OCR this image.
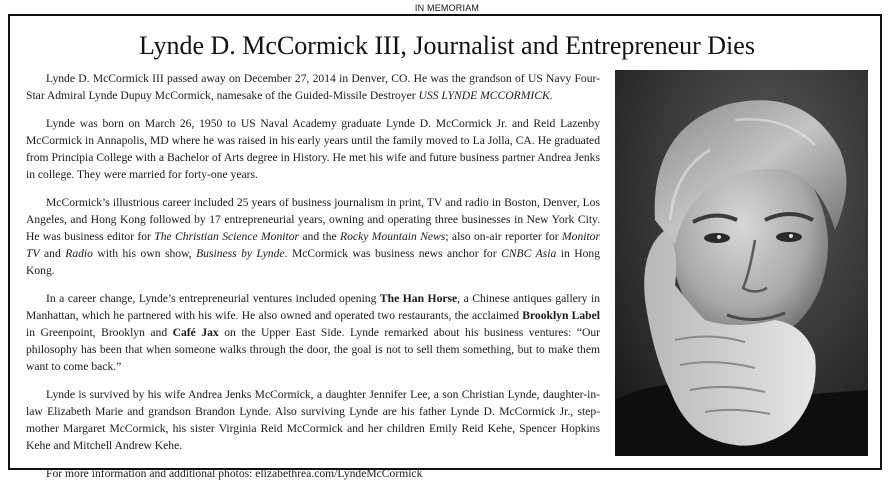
IN MEMORIAM
Lynde D. McCormick III, Journalist and Entrepreneur Dies

Lynde D. McCormick III passed away on December 27, 2014 in Denver, CO. He was the grandson of US Navy Four-Star Admiral Lynde Dupuy McCormick, namesake of the Guided-Missile Destroyer USS LYNDE MCCORMICK.

Lynde was born on March 26, 1950 to US Naval Academy graduate Lynde D. McCormick Jr. and Reid Lazenby McCormick in Annapolis, MD where he was raised in his early years until the family moved to La Jolla, CA. He graduated from Principia College with a Bachelor of Arts degree in History. He met his wife and future business partner Andrea Jenks in college. They were married for forty-one years.

McCormick’s illustrious career included 25 years of business journalism in print, TV and radio in Boston, Denver, Los Angeles, and Hong Kong followed by 17 entrepreneurial years, owning and operating three businesses in New York City. He was business editor for The Christian Science Monitor and the Rocky Mountain News; also on-air reporter for Monitor TV and Radio with his own show, Business by Lynde. McCormick was business news anchor for CNBC Asia in Hong Kong.

In a career change, Lynde’s entrepreneurial ventures included opening The Han Horse, a Chinese antiques gallery in Manhattan, which he partnered with his wife. He also owned and operated two restaurants, the acclaimed Brooklyn Label in Greenpoint, Brooklyn and Café Jax on the Upper East Side. Lynde remarked about his business ventures: “Our philosophy has been that when someone walks through the door, the goal is not to sell them something, but to make them want to come back.”

Lynde is survived by his wife Andrea Jenks McCormick, a daughter Jennifer Lee, a son Christian Lynde, daughter-in-law Elizabeth Marie and grandson Brandon Lynde. Also surviving Lynde are his father Lynde D. McCormick Jr., step-mother Margaret McCormick, his sister Virginia Reid McCormick and her children Emily Reid Kehe, Spencer Hopkins Kehe and Mitchell Andrew Kehe.

For more information and additional photos: elizabethrea.com/LyndeMcCormick
